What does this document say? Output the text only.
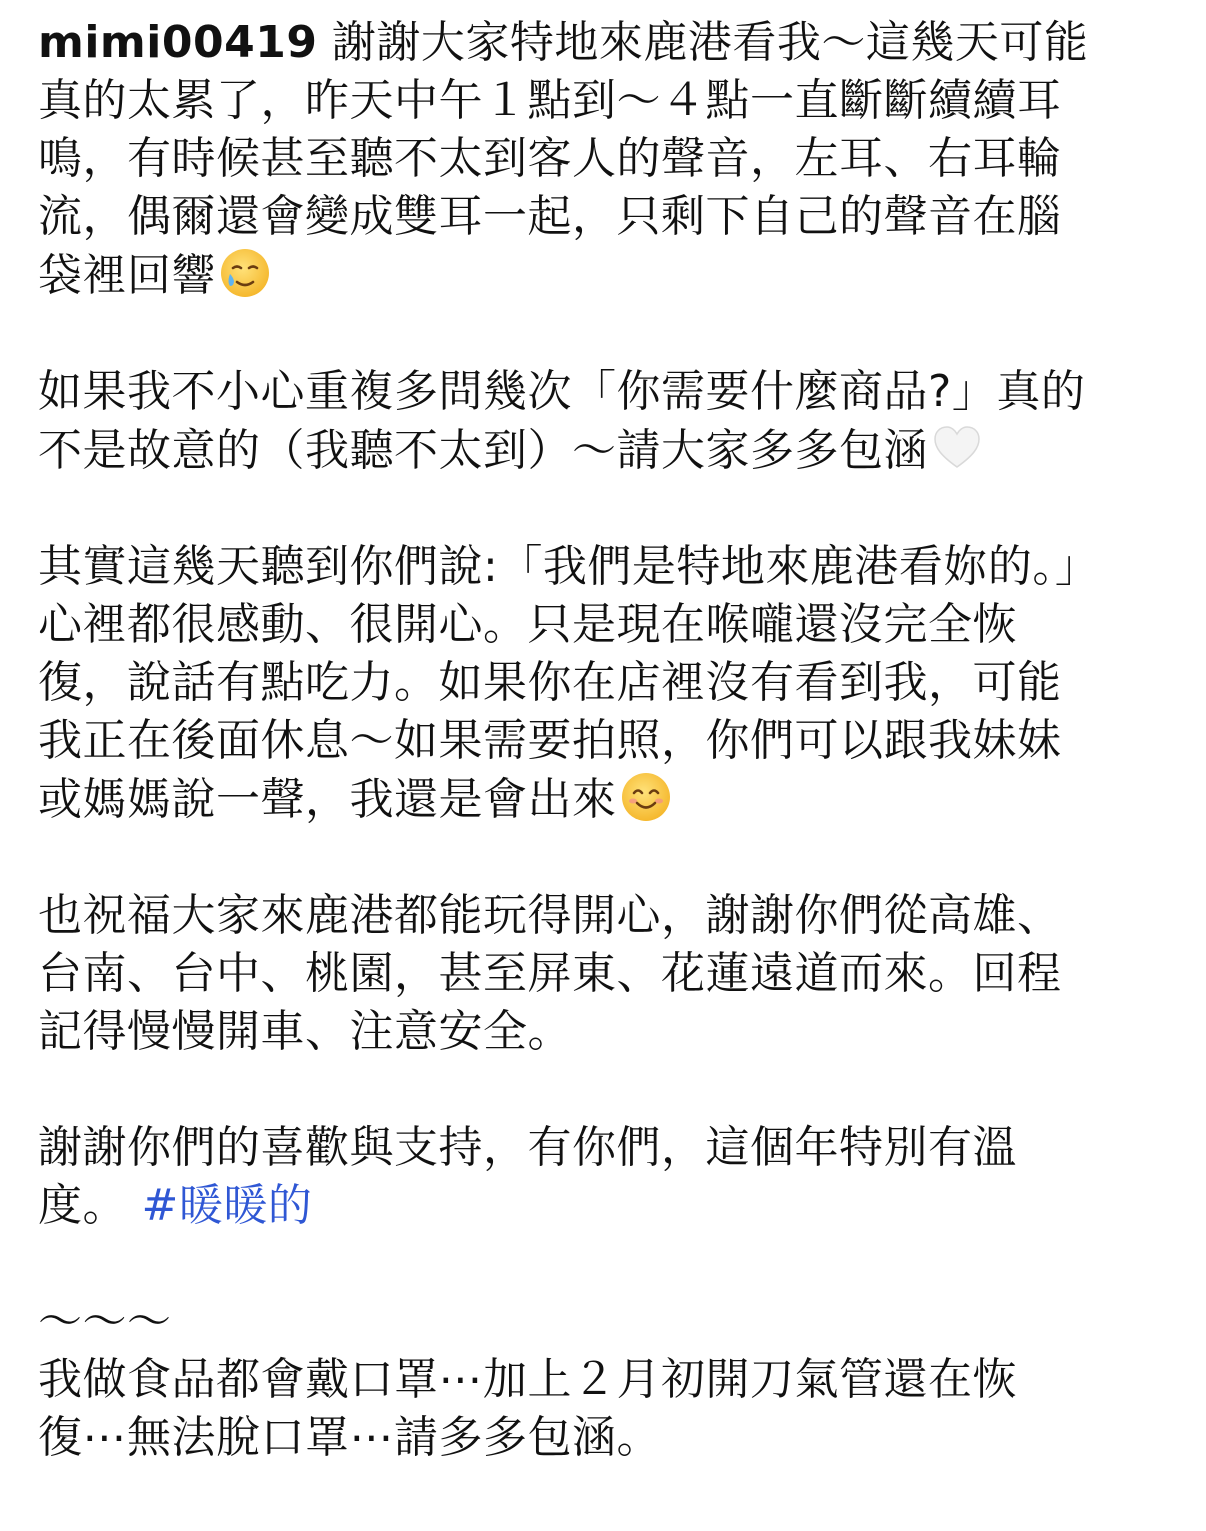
mimi00419 謝謝大家特地來鹿港看我～這幾天可能
真的太累了，昨天中午１點到～４點一直斷斷續續耳
鳴，有時候甚至聽不太到客人的聲音，左耳、右耳輪
流，偶爾還會變成雙耳一起，只剩下自己的聲音在腦
袋裡回響

如果我不小心重複多問幾次「你需要什麼商品?」真的
不是故意的（我聽不太到）～請大家多多包涵

其實這幾天聽到你們說:「我們是特地來鹿港看妳的。」
心裡都很感動、很開心。只是現在喉嚨還沒完全恢
復，說話有點吃力。如果你在店裡沒有看到我，可能
我正在後面休息～如果需要拍照，你們可以跟我妹妹
或媽媽說一聲，我還是會出來

也祝福大家來鹿港都能玩得開心，謝謝你們從高雄、
台南、台中、桃園，甚至屏東、花蓮遠道而來。回程
記得慢慢開車、注意安全。

謝謝你們的喜歡與支持，有你們，這個年特別有溫
度。 #暖暖的

～～～
我做食品都會戴口罩⋯加上２月初開刀氣管還在恢
復⋯無法脫口罩⋯請多多包涵。
